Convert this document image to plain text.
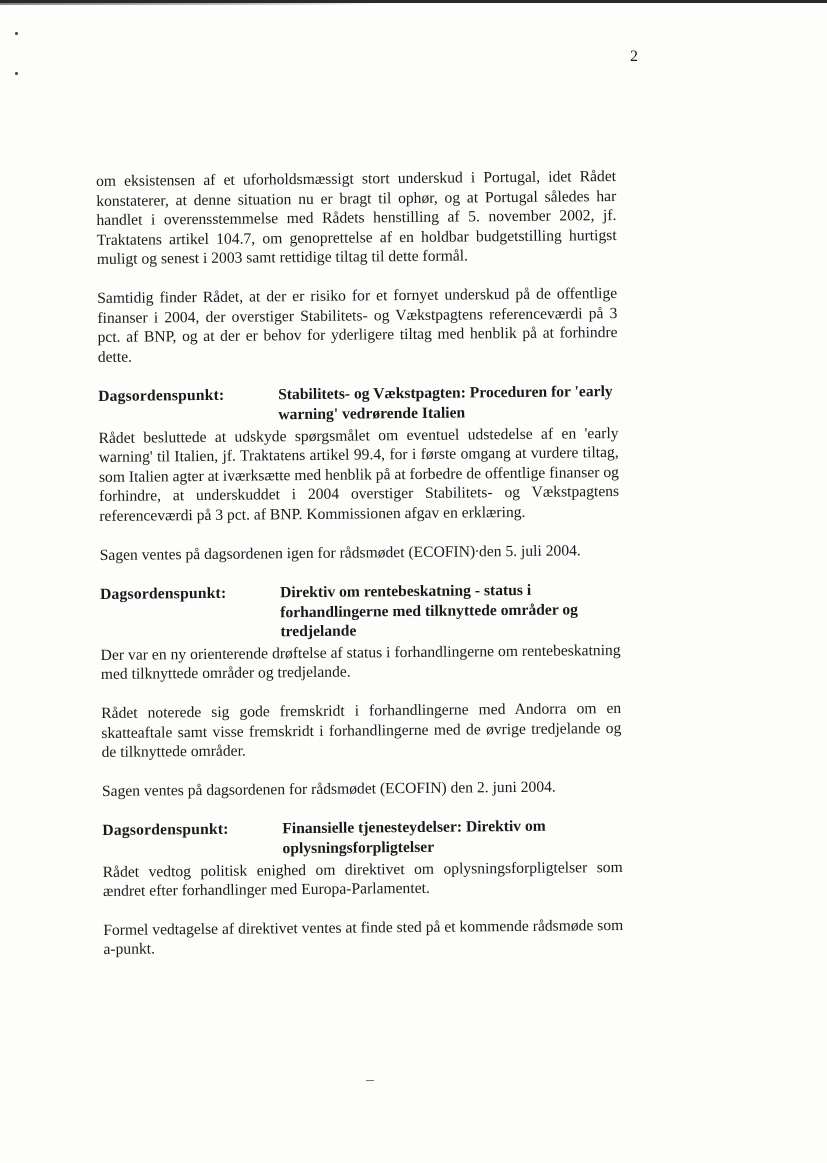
2

om eksistensen af et uforholdsmæssigt stort underskud i Portugal, idet Rådet konstaterer, at denne situation nu er bragt til ophør, og at Portugal således har handlet i overensstemmelse med Rådets henstilling af 5. november 2002, jf. Traktatens artikel 104.7, om genoprettelse af en holdbar budgetstilling hurtigst muligt og senest i 2003 samt rettidige tiltag til dette formål.

Samtidig finder Rådet, at der er risiko for et fornyet underskud på de offentlige finanser i 2004, der overstiger Stabilitets- og Vækstpagtens referenceværdi på 3 pct. af BNP, og at der er behov for yderligere tiltag med henblik på at forhindre dette.

Dagsordenspunkt:	Stabilitets- og Vækstpagten: Proceduren for 'early warning' vedrørende Italien

Rådet besluttede at udskyde spørgsmålet om eventuel udstedelse af en 'early warning' til Italien, jf. Traktatens artikel 99.4, for i første omgang at vurdere tiltag, som Italien agter at iværksætte med henblik på at forbedre de offentlige finanser og forhindre, at underskuddet i 2004 overstiger Stabilitets- og Vækstpagtens referenceværdi på 3 pct. af BNP. Kommissionen afgav en erklæring.

Sagen ventes på dagsordenen igen for rådsmødet (ECOFIN) den 5. juli 2004.

Dagsordenspunkt:	Direktiv om rentebeskatning - status i forhandlingerne med tilknyttede områder og tredjelande

Der var en ny orienterende drøftelse af status i forhandlingerne om rentebeskatning med tilknyttede områder og tredjelande.

Rådet noterede sig gode fremskridt i forhandlingerne med Andorra om en skatteaftale samt visse fremskridt i forhandlingerne med de øvrige tredjelande og de tilknyttede områder.

Sagen ventes på dagsordenen for rådsmødet (ECOFIN) den 2. juni 2004.

Dagsordenspunkt:	Finansielle tjenesteydelser: Direktiv om oplysningsforpligtelser

Rådet vedtog politisk enighed om direktivet om oplysningsforpligtelser som ændret efter forhandlinger med Europa-Parlamentet.

Formel vedtagelse af direktivet ventes at finde sted på et kommende rådsmøde som a-punkt.
